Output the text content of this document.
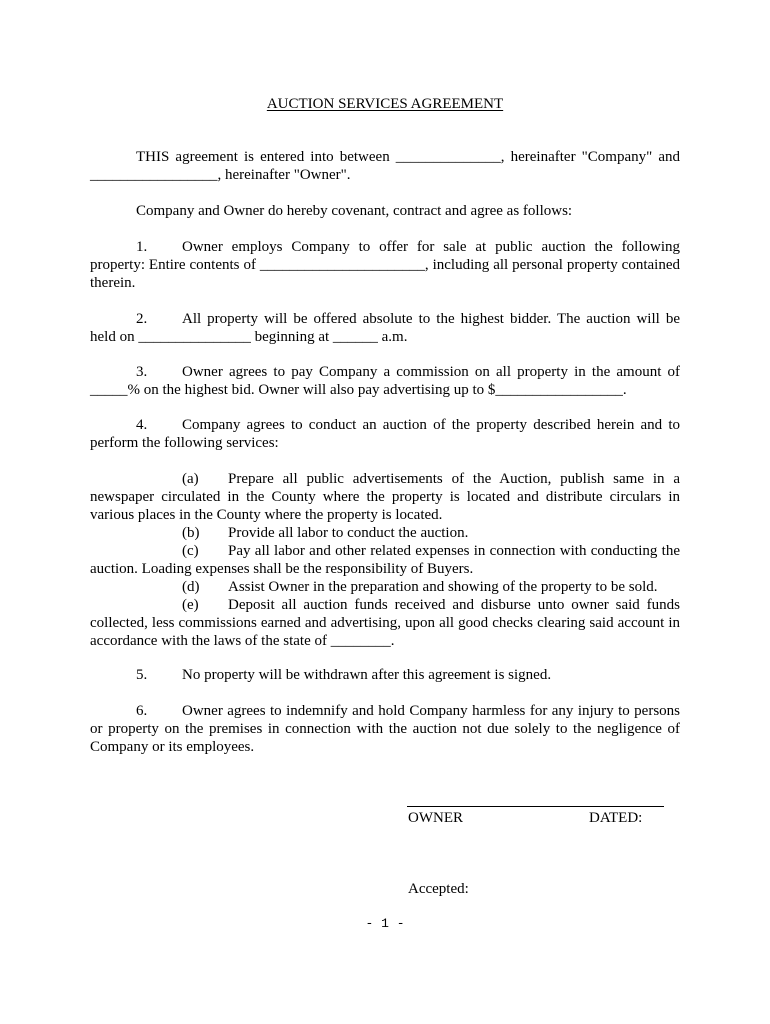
AUCTION SERVICES AGREEMENT

THIS agreement is entered into between ______________, hereinafter "Company" and _________________, hereinafter "Owner".

Company and Owner do hereby covenant, contract and agree as follows:

1. Owner employs Company to offer for sale at public auction the following property: Entire contents of ______________________, including all personal property contained therein.

2. All property will be offered absolute to the highest bidder. The auction will be held on _______________ beginning at ______ a.m.

3. Owner agrees to pay Company a commission on all property in the amount of _____% on the highest bid. Owner will also pay advertising up to $_________________.

4. Company agrees to conduct an auction of the property described herein and to perform the following services:

(a) Prepare all public advertisements of the Auction, publish same in a newspaper circulated in the County where the property is located and distribute circulars in various places in the County where the property is located.

(b) Provide all labor to conduct the auction.

(c) Pay all labor and other related expenses in connection with conducting the auction. Loading expenses shall be the responsibility of Buyers.

(d) Assist Owner in the preparation and showing of the property to be sold.

(e) Deposit all auction funds received and disburse unto owner said funds collected, less commissions earned and advertising, upon all good checks clearing said account in accordance with the laws of the state of ________.

5. No property will be withdrawn after this agreement is signed.

6. Owner agrees to indemnify and hold Company harmless for any injury to persons or property on the premises in connection with the auction not due solely to the negligence of Company or its employees.

OWNER	DATED:
Accepted:
- 1 -
